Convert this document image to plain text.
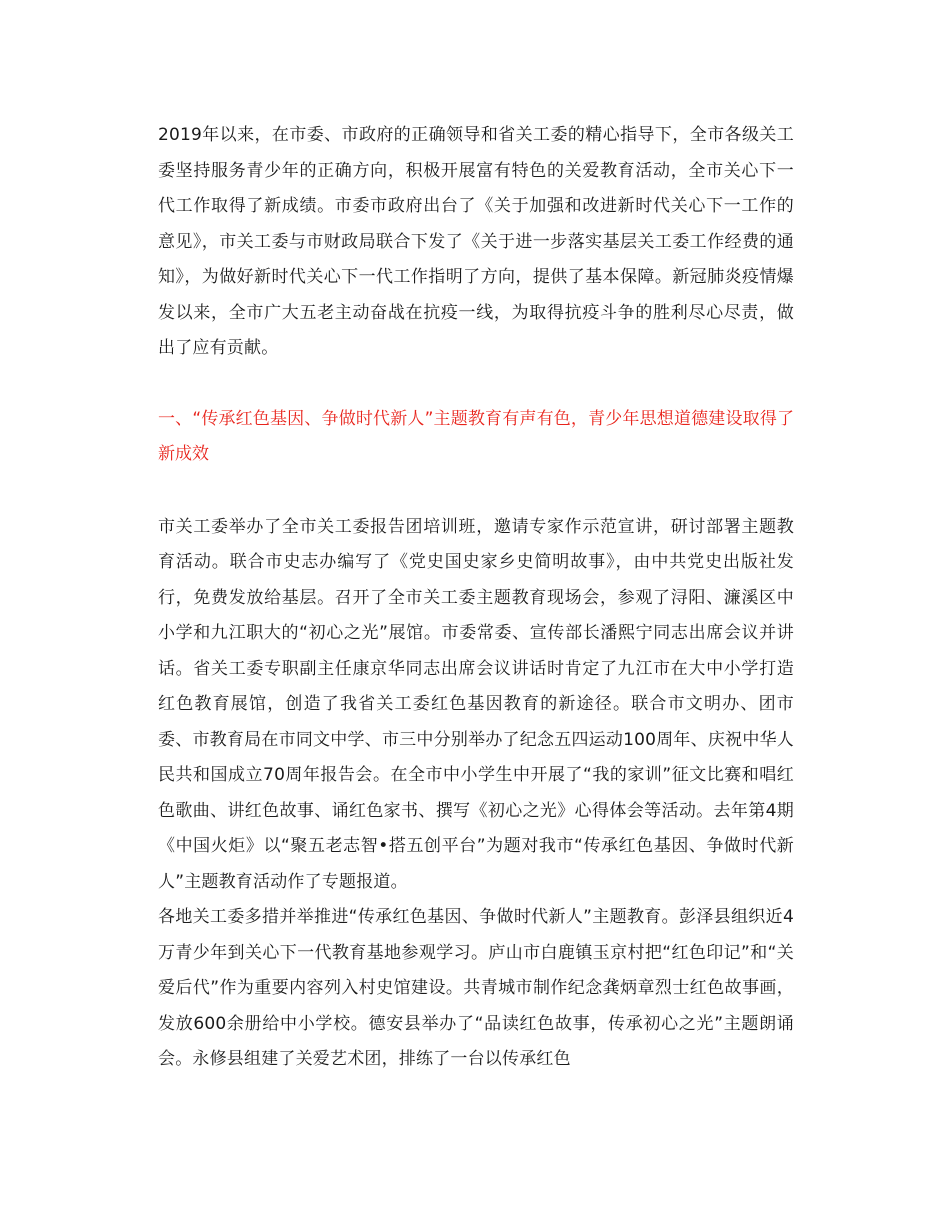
2019年以来，在市委、市政府的正确领导和省关工委的精心指导下，全市各级关工委坚持服务青少年的正确方向，积极开展富有特色的关爱教育活动，全市关心下一代工作取得了新成绩。市委市政府出台了《关于加强和改进新时代关心下一工作的意见》，市关工委与市财政局联合下发了《关于进一步落实基层关工委工作经费的通知》，为做好新时代关心下一代工作指明了方向，提供了基本保障。新冠肺炎疫情爆发以来，全市广大五老主动奋战在抗疫一线，为取得抗疫斗争的胜利尽心尽责，做出了应有贡献。

一、“传承红色基因、争做时代新人”主题教育有声有色，青少年思想道德建设取得了新成效

市关工委举办了全市关工委报告团培训班，邀请专家作示范宣讲，研讨部署主题教育活动。联合市史志办编写了《党史国史家乡史简明故事》，由中共党史出版社发行，免费发放给基层。召开了全市关工委主题教育现场会，参观了浔阳、濂溪区中小学和九江职大的“初心之光”展馆。市委常委、宣传部长潘熙宁同志出席会议并讲话。省关工委专职副主任康京华同志出席会议讲话时肯定了九江市在大中小学打造红色教育展馆，创造了我省关工委红色基因教育的新途径。联合市文明办、团市委、市教育局在市同文中学、市三中分别举办了纪念五四运动100周年、庆祝中华人民共和国成立70周年报告会。在全市中小学生中开展了“我的家训”征文比赛和唱红色歌曲、讲红色故事、诵红色家书、撰写《初心之光》心得体会等活动。去年第4期《中国火炬》以“聚五老志智•搭五创平台”为题对我市“传承红色基因、争做时代新人”主题教育活动作了专题报道。

各地关工委多措并举推进“传承红色基因、争做时代新人”主题教育。彭泽县组织近4万青少年到关心下一代教育基地参观学习。庐山市白鹿镇玉京村把“红色印记”和“关爱后代”作为重要内容列入村史馆建设。共青城市制作纪念龚炳章烈士红色故事画，发放600余册给中小学校。德安县举办了“品读红色故事，传承初心之光”主题朗诵会。永修县组建了关爱艺术团，排练了一台以传承红色
